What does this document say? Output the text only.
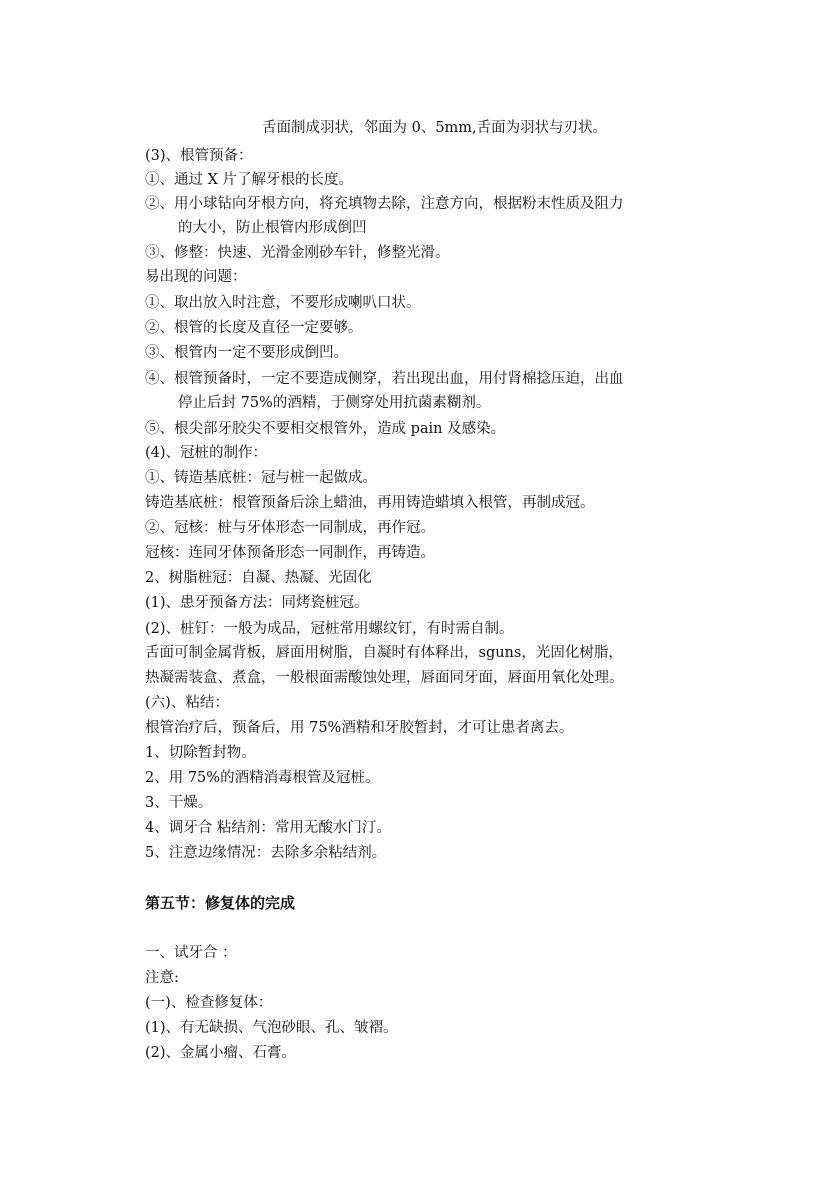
舌面制成羽状，邻面为 0、5mm,舌面为羽状与刃状。
(3)、根管预备：
①、通过 X 片了解牙根的长度。
②、用小球钻向牙根方向，将充填物去除，注意方向，根据粉末性质及阻力
的大小，防止根管内形成倒凹
③、修整：快速、光滑金刚砂车针，修整光滑。
易出现的问题：
①、取出放入时注意，不要形成喇叭口状。
②、根管的长度及直径一定要够。
③、根管内一定不要形成倒凹。
④、根管预备时，一定不要造成侧穿，若出现出血，用付肾棉捻压迫，出血
停止后封 75%的酒精，于侧穿处用抗菌素糊剂。
⑤、根尖部牙胶尖不要相交根管外，造成 pain 及感染。
(4)、冠桩的制作：
①、铸造基底桩：冠与桩一起做成。
铸造基底桩：根管预备后涂上蜡油，再用铸造蜡填入根管，再制成冠。
②、冠核：桩与牙体形态一同制成，再作冠。
冠核：连同牙体预备形态一同制作，再铸造。
2、树脂桩冠：自凝、热凝、光固化
(1)、患牙预备方法：同烤瓷桩冠。
(2)、桩钉：一般为成品，冠桩常用螺纹钉，有时需自制。
舌面可制金属背板，唇面用树脂，自凝时有体释出，sguns，光固化树脂，
热凝需装盒、煮盒，一般根面需酸蚀处理，唇面同牙面，唇面用氧化处理。
(六)、粘结：
根管治疗后，预备后，用 75%酒精和牙胶暂封，才可让患者离去。
1、切除暂封物。
2、用 75%的酒精消毒根管及冠桩。
3、干燥。
4、调牙合 粘结剂：常用无酸水门汀。
5、注意边缘情况：去除多余粘结剂。
第五节：修复体的完成
一、试牙合 ：
注意:
(一)、检查修复体：
(1)、有无缺损、气泡砂眼、孔、皱褶。
(2)、金属小瘤、石膏。
